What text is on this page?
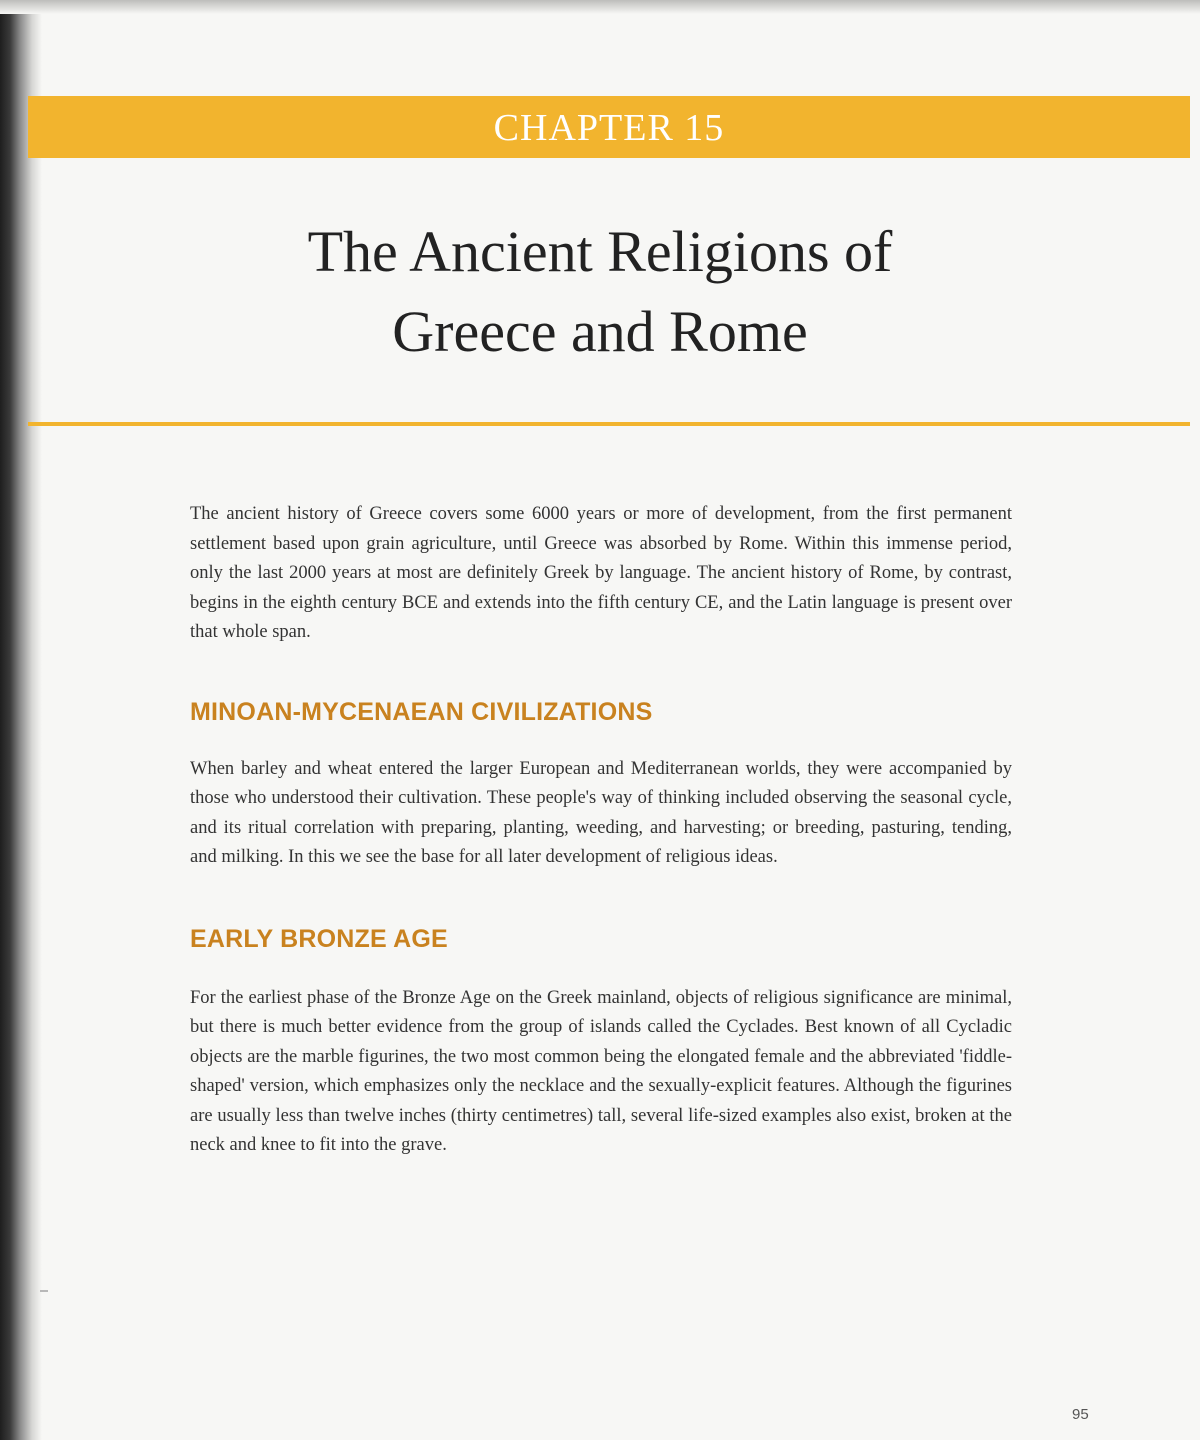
CHAPTER 15
The Ancient Religions of
Greece and Rome

The ancient history of Greece covers some 6000 years or more of development, from the first permanent settlement based upon grain agriculture, until Greece was absorbed by Rome. Within this immense period, only the last 2000 years at most are definitely Greek by language. The ancient history of Rome, by contrast, begins in the eighth century BCE and extends into the fifth century CE, and the Latin language is present over that whole span.

MINOAN-MYCENAEAN CIVILIZATIONS

When barley and wheat entered the larger European and Mediterranean worlds, they were accompanied by those who understood their cultivation. These people's way of thinking included observing the seasonal cycle, and its ritual correlation with preparing, planting, weeding, and harvesting; or breeding, pasturing, tending, and milking. In this we see the base for all later development of religious ideas.

EARLY BRONZE AGE

For the earliest phase of the Bronze Age on the Greek mainland, objects of religious significance are minimal, but there is much better evidence from the group of islands called the Cyclades. Best known of all Cycladic objects are the marble figurines, the two most common being the elongated female and the abbreviated 'fiddle-shaped' version, which emphasizes only the necklace and the sexually-explicit features. Although the figurines are usually less than twelve inches (thirty centimetres) tall, several life-sized examples also exist, broken at the neck and knee to fit into the grave.

95
